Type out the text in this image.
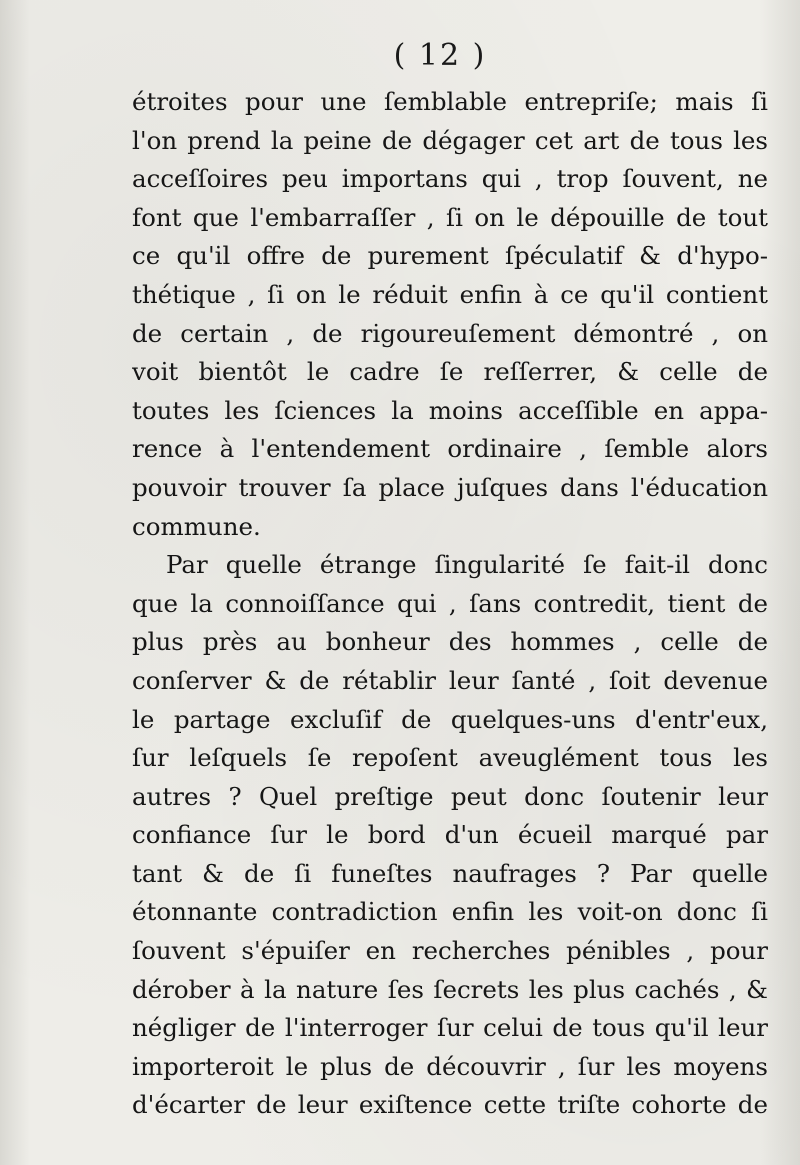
( 12 )
étroites pour une ſemblable entrepriſe; mais ſi
l'on prend la peine de dégager cet art de tous les
acceſſoires peu importans qui , trop ſouvent, ne
font que l'embarraſſer , ſi on le dépouille de tout
ce qu'il offre de purement ſpéculatif & d'hypo-
thétique , ſi on le réduit enfin à ce qu'il contient
de certain , de rigoureuſement démontré , on
voit bientôt le cadre ſe reſſerrer, & celle de
toutes les ſciences la moins acceſſible en appa-
rence à l'entendement ordinaire , ſemble alors
pouvoir trouver ſa place juſques dans l'éducation
commune.
Par quelle étrange ſingularité ſe fait-il donc
que la connoiſſance qui , ſans contredit, tient de
plus près au bonheur des hommes , celle de
conſerver & de rétablir leur ſanté , ſoit devenue
le partage excluſif de quelques-uns d'entr'eux,
ſur leſquels ſe repoſent aveuglément tous les
autres ? Quel preſtige peut donc ſoutenir leur
confiance ſur le bord d'un écueil marqué par
tant & de ſi funeſtes naufrages ? Par quelle
étonnante contradiction enfin les voit-on donc ſi
ſouvent s'épuiſer en recherches pénibles , pour
dérober à la nature ſes ſecrets les plus cachés , &
négliger de l'interroger ſur celui de tous qu'il leur
importeroit le plus de découvrir , ſur les moyens
d'écarter de leur exiſtence cette triſte cohorte de
